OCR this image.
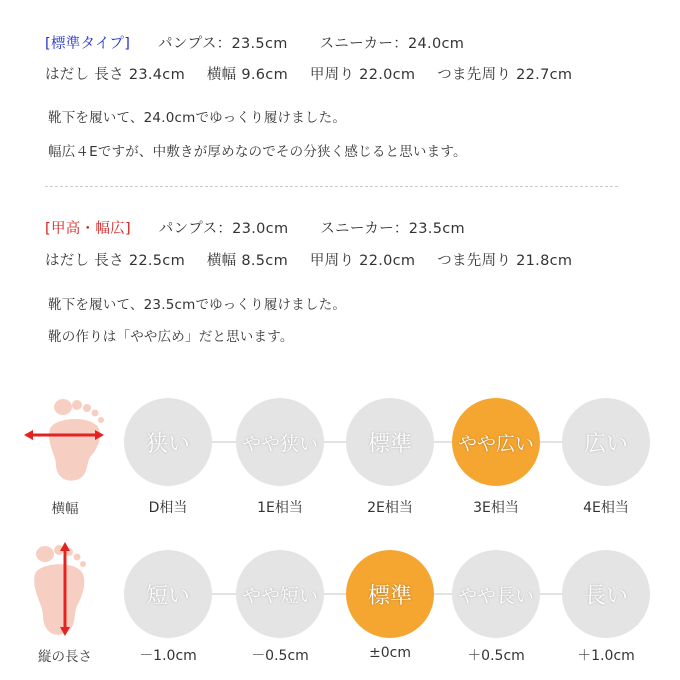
[標準タイプ] パンプス：23.5cm スニーカー：24.0cm
はだし 長さ 23.4cm 横幅 9.6cm 甲周り 22.0cm つま先周り 22.7cm
靴下を履いて、24.0cmでゆっくり履けました。
幅広４Eですが、中敷きが厚めなのでその分狭く感じると思います。
[甲高・幅広] パンプス：23.0cm スニーカー：23.5cm
はだし 長さ 22.5cm 横幅 8.5cm 甲周り 22.0cm つま先周り 21.8cm
靴下を履いて、23.5cmでゆっくり履けました。
靴の作りは「やや広め」だと思います。
横幅
狭い	やや狭い	標準	やや広い	広い
D相当	1E相当	2E相当	3E相当	4E相当
縦の長さ
短い	やや短い	標準	やや長い	長い
－1.0cm	－0.5cm	±0cm	＋0.5cm	＋1.0cm
